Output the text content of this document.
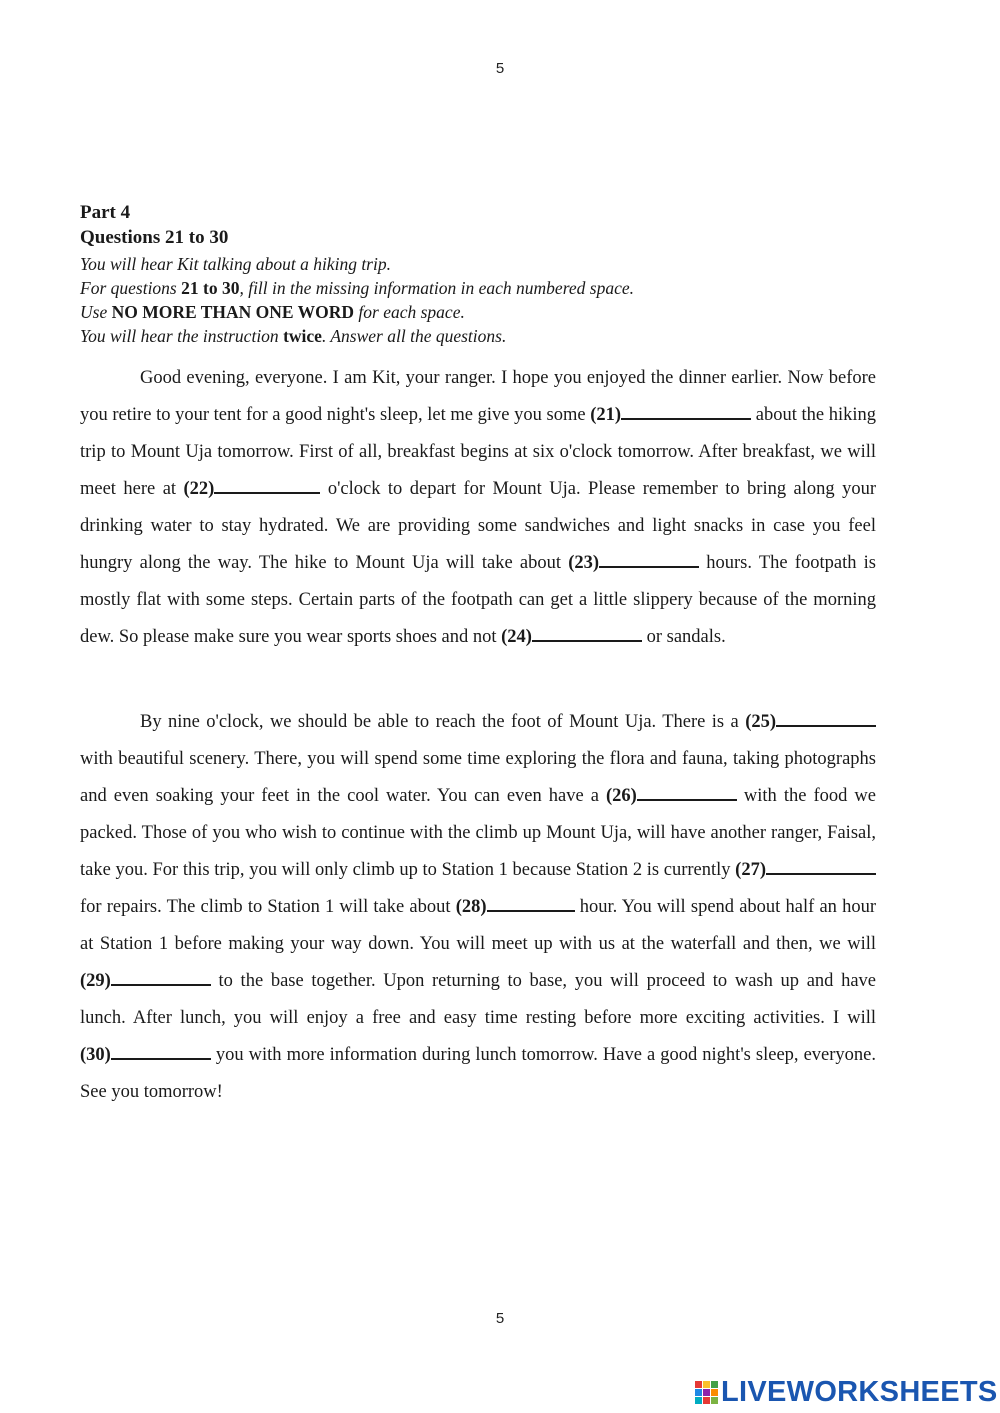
5
Part 4
Questions 21 to 30
You will hear Kit talking about a hiking trip.
For questions 21 to 30, fill in the missing information in each numbered space.
Use NO MORE THAN ONE WORD for each space.
You will hear the instruction twice. Answer all the questions.
Good evening, everyone. I am Kit, your ranger. I hope you enjoyed the dinner earlier. Now before you retire to your tent for a good night's sleep, let me give you some (21)	about the hiking trip to Mount Uja tomorrow. First of all, breakfast begins at six o'clock tomorrow. After breakfast, we will meet here at (22)	o'clock to depart for Mount Uja. Please remember to bring along your drinking water to stay hydrated. We are providing some sandwiches and light snacks in case you feel hungry along the way. The hike to Mount Uja will take about (23)	hours. The footpath is mostly flat with some steps. Certain parts of the footpath can get a little slippery because of the morning dew. So please make sure you wear sports shoes and not (24)	or sandals.
By nine o'clock, we should be able to reach the foot of Mount Uja. There is a (25) with beautiful scenery. There, you will spend some time exploring the flora and fauna, taking photographs and even soaking your feet in the cool water. You can even have a (26)	with the food we packed. Those of you who wish to continue with the climb up Mount Uja, will have another ranger, Faisal, take you. For this trip, you will only climb up to Station 1 because Station 2 is currently (27) for repairs. The climb to Station 1 will take about (28)	hour. You will spend about half an hour at Station 1 before making your way down. You will meet up with us at the waterfall and then, we will (29)	to the base together. Upon returning to base, you will proceed to wash up and have lunch. After lunch, you will enjoy a free and easy time resting before more exciting activities. I will (30)	you with more information during lunch tomorrow. Have a good night's sleep, everyone. See you tomorrow!
5
LIVEWORKSHEETS
